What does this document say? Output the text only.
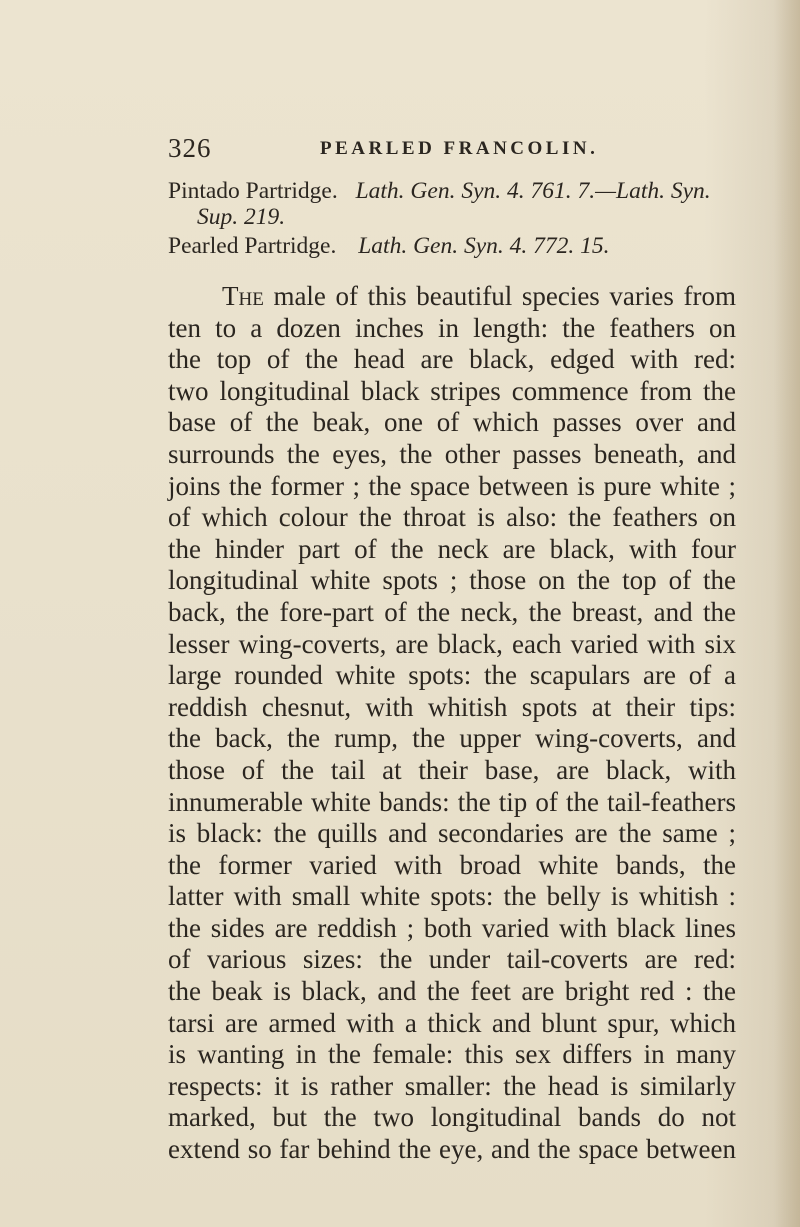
326	PEARLED FRANCOLIN.
Pintado Partridge. Lath. Gen. Syn. 4. 761. 7.—Lath. Syn.
Sup. 219.
Pearled Partridge. Lath. Gen. Syn. 4. 772. 15.
The male of this beautiful species varies from
ten to a dozen inches in length: the feathers on
the top of the head are black, edged with red:
two longitudinal black stripes commence from the
base of the beak, one of which passes over and
surrounds the eyes, the other passes beneath, and
joins the former ; the space between is pure white ;
of which colour the throat is also: the feathers on
the hinder part of the neck are black, with four
longitudinal white spots ; those on the top of the
back, the fore-part of the neck, the breast, and the
lesser wing-coverts, are black, each varied with six
large rounded white spots: the scapulars are of a
reddish chesnut, with whitish spots at their tips:
the back, the rump, the upper wing-coverts, and
those of the tail at their base, are black, with
innumerable white bands: the tip of the tail-feathers
is black: the quills and secondaries are the same ;
the former varied with broad white bands, the
latter with small white spots: the belly is whitish :
the sides are reddish ; both varied with black lines
of various sizes: the under tail-coverts are red:
the beak is black, and the feet are bright red : the
tarsi are armed with a thick and blunt spur, which
is wanting in the female: this sex differs in many
respects: it is rather smaller: the head is similarly
marked, but the two longitudinal bands do not
extend so far behind the eye, and the space between
